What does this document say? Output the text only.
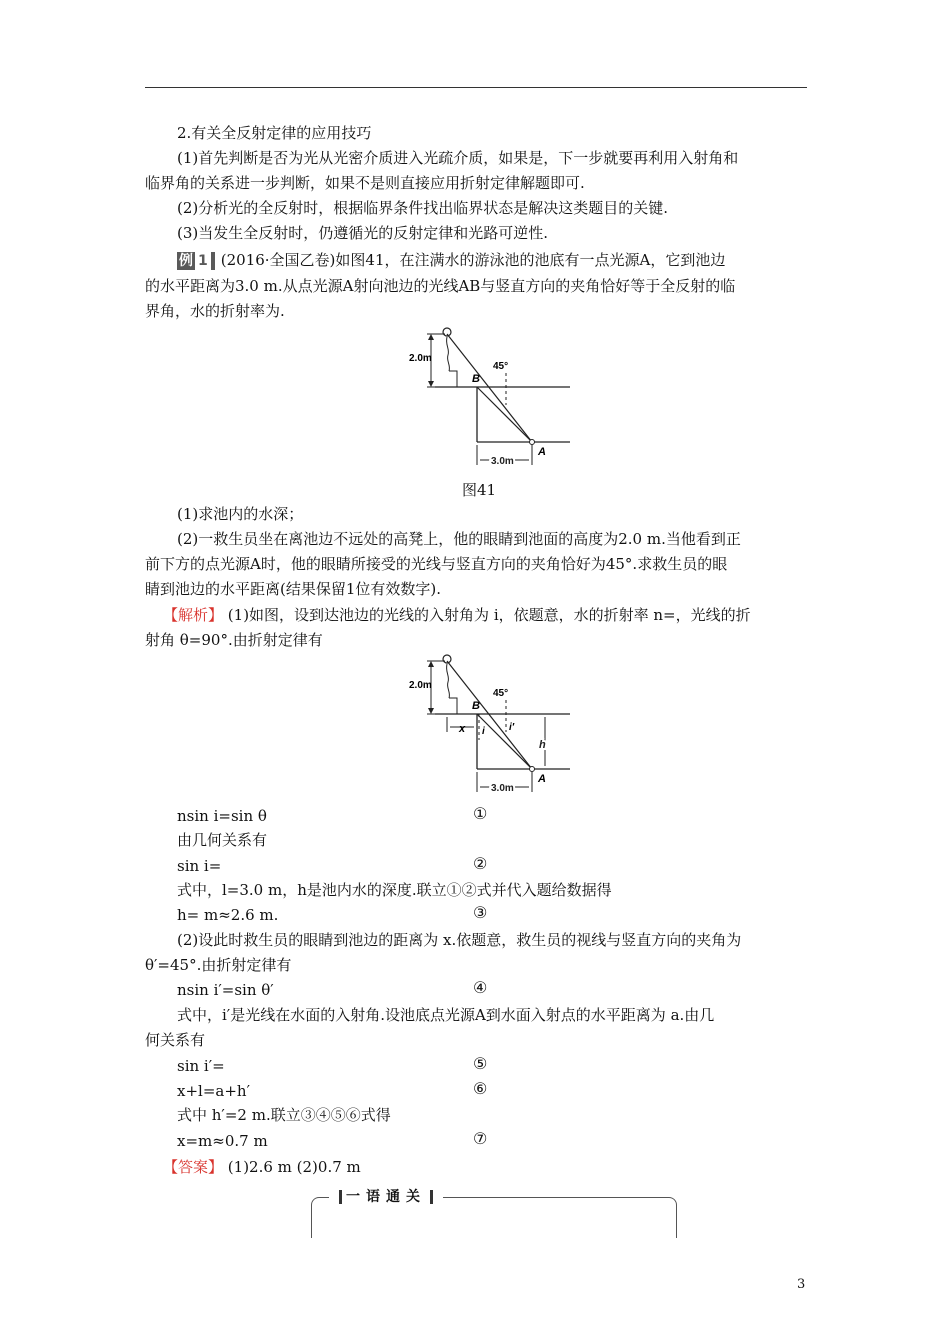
2.有关全反射定律的应用技巧
(1)首先判断是否为光从光密介质进入光疏介质，如果是，下一步就要再利用入射角和
临界角的关系进一步判断，如果不是则直接应用折射定律解题即可.
(2)分析光的全反射时，根据临界条件找出临界状态是解决这类题目的关键.
(3)当发生全反射时，仍遵循光的反射定律和光路可逆性.
例 1 (2016·全国乙卷)如图41，在注满水的游泳池的池底有一点光源A，它到池边
的水平距离为3.0 m.从点光源A射向池边的光线AB与竖直方向的夹角恰好等于全反射的临
界角，水的折射率为.
2.0m
45°
B
A
3.0m
图41
(1)求池内的水深；
(2)一救生员坐在离池边不远处的高凳上，他的眼睛到池面的高度为2.0 m.当他看到正
前下方的点光源A时，他的眼睛所接受的光线与竖直方向的夹角恰好为45°.求救生员的眼
睛到池边的水平距离(结果保留1位有效数字).
【解析】 (1)如图，设到达池边的光线的入射角为 i，依题意，水的折射率 n=，光线的折
射角 θ=90°.由折射定律有
2.0m
45°
B
x i i′
h
A
3.0m
nsin i=sin θ	①
由几何关系有
sin i=	②
式中，l=3.0 m，h是池内水的深度.联立①②式并代入题给数据得
h= m≈2.6 m.	③
(2)设此时救生员的眼睛到池边的距离为 x.依题意，救生员的视线与竖直方向的夹角为
θ′=45°.由折射定律有
nsin i′=sin θ′	④
式中，i′是光线在水面的入射角.设池底点光源A到水面入射点的水平距离为 a.由几
何关系有
sin i′=	⑤
x+l=a+h′	⑥
式中 h′=2 m.联立③④⑤⑥式得
x=m≈0.7 m	⑦
【答案】 (1)2.6 m (2)0.7 m
一语通关
3
